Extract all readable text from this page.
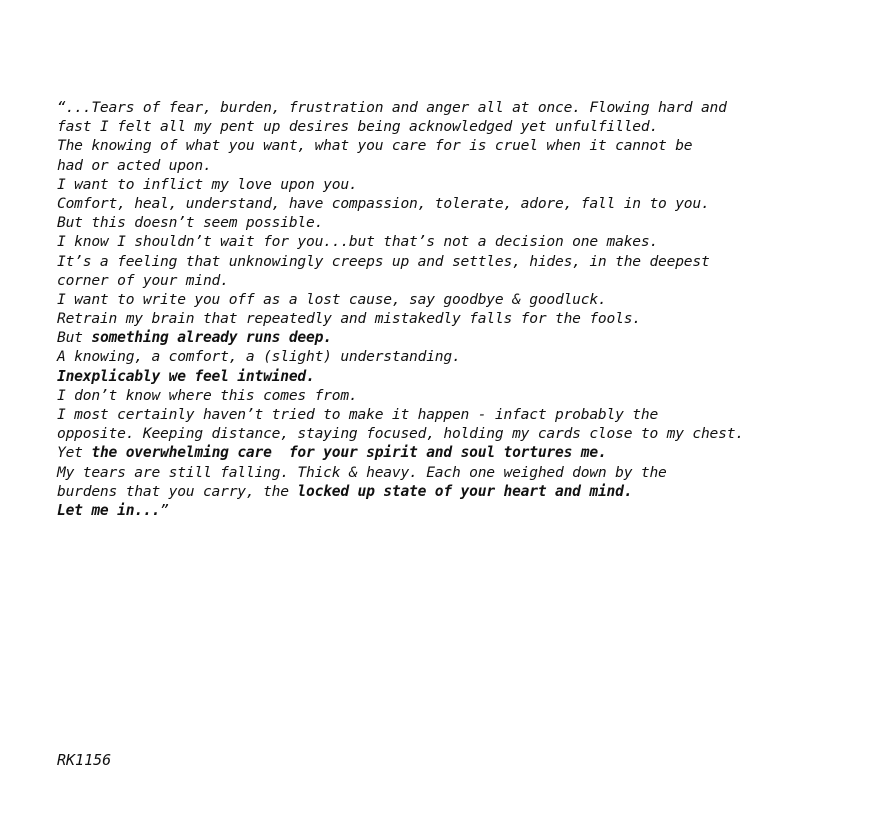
“...Tears of fear, burden, frustration and anger all at once. Flowing hard and
fast I felt all my pent up desires being acknowledged yet unfulfilled.
The knowing of what you want, what you care for is cruel when it cannot be
had or acted upon.
I want to inflict my love upon you.
Comfort, heal, understand, have compassion, tolerate, adore, fall in to you.
But this doesn’t seem possible.
I know I shouldn’t wait for you...but that’s not a decision one makes.
It’s a feeling that unknowingly creeps up and settles, hides, in the deepest
corner of your mind.
I want to write you off as a lost cause, say goodbye & goodluck.
Retrain my brain that repeatedly and mistakedly falls for the fools.
But something already runs deep.
A knowing, a comfort, a (slight) understanding.
Inexplicably we feel intwined.
I don’t know where this comes from.
I most certainly haven’t tried to make it happen - infact probably the
opposite. Keeping distance, staying focused, holding my cards close to my chest.
Yet the overwhelming care  for your spirit and soul tortures me.
My tears are still falling. Thick & heavy. Each one weighed down by the
burdens that you carry, the locked up state of your heart and mind.
Let me in...”
RK1156
